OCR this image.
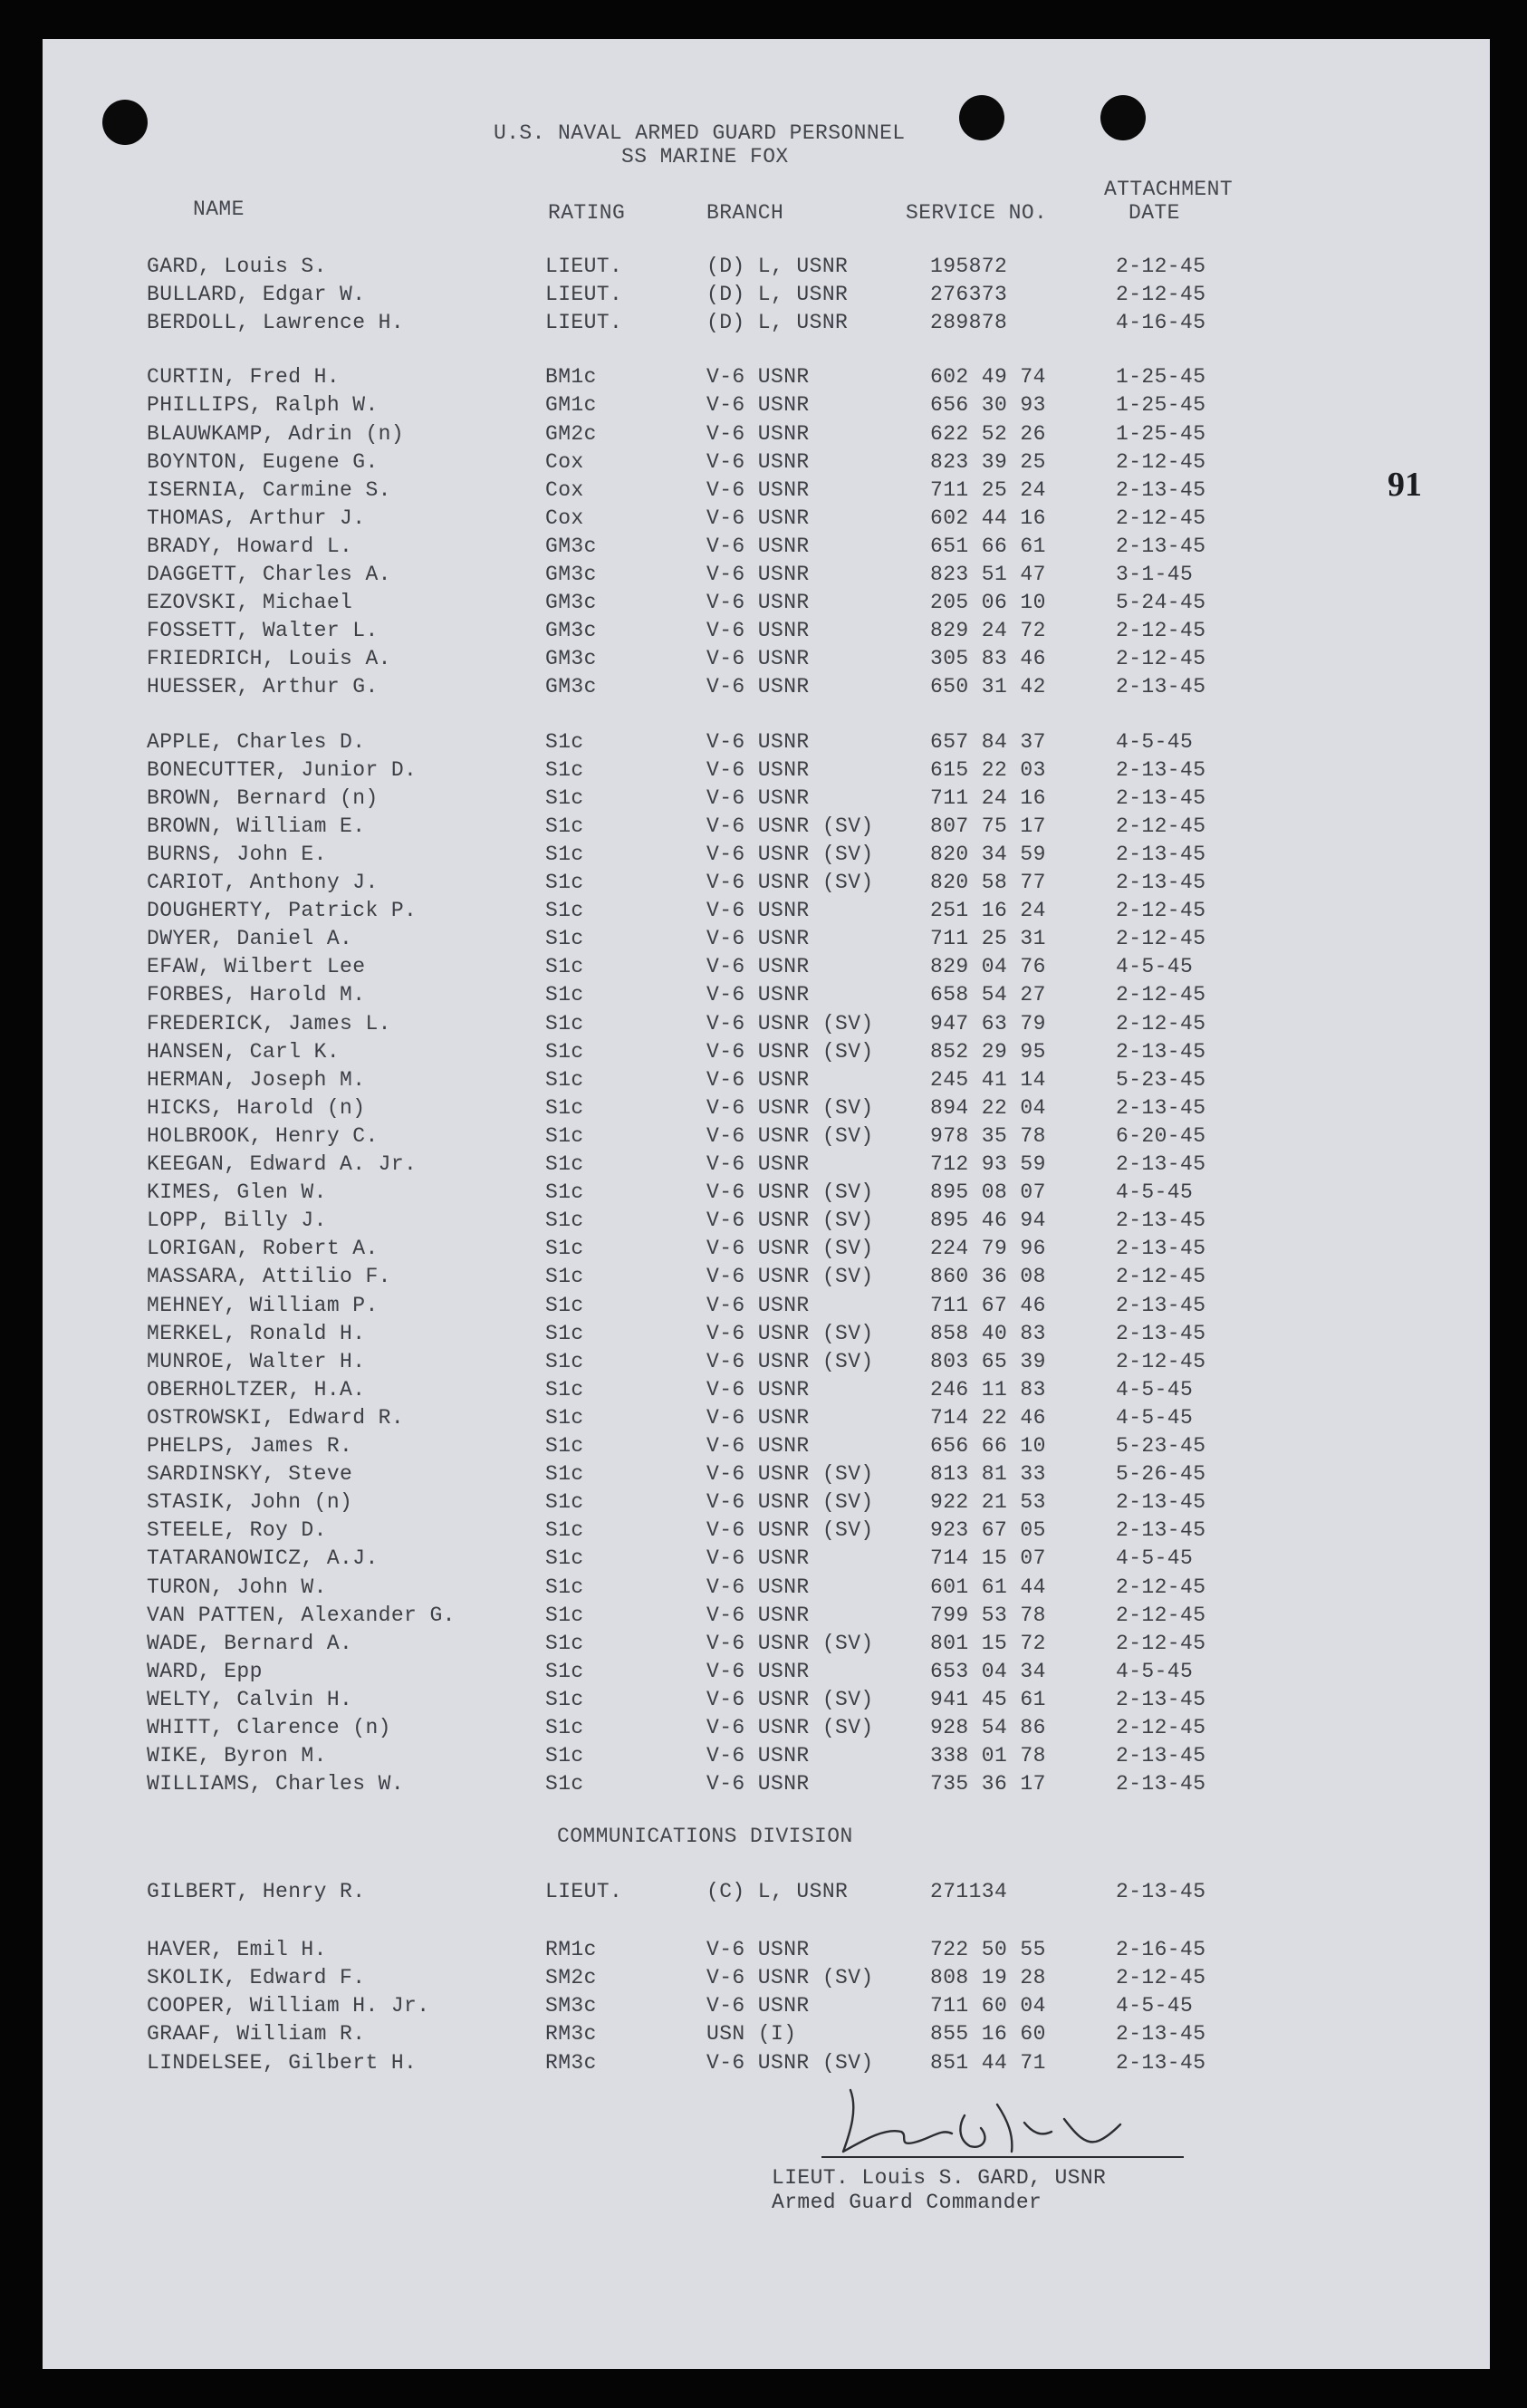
U.S. NAVAL ARMED GUARD PERSONNEL
SS MARINE FOX
NAME	RATING	BRANCH	SERVICE NO.
ATTACHMENT
DATE
91
GARD, Louis S.	LIEUT.	(D) L, USNR	195872	2-12-45
BULLARD, Edgar W.	LIEUT.	(D) L, USNR	276373	2-12-45
BERDOLL, Lawrence H.	LIEUT.	(D) L, USNR	289878	4-16-45
CURTIN, Fred H.	BM1c	V-6 USNR	602 49 74	1-25-45
PHILLIPS, Ralph W.	GM1c	V-6 USNR	656 30 93	1-25-45
BLAUWKAMP, Adrin (n)	GM2c	V-6 USNR	622 52 26	1-25-45
BOYNTON, Eugene G.	Cox	V-6 USNR	823 39 25	2-12-45
ISERNIA, Carmine S.	Cox	V-6 USNR	711 25 24	2-13-45
THOMAS, Arthur J.	Cox	V-6 USNR	602 44 16	2-12-45
BRADY, Howard L.	GM3c	V-6 USNR	651 66 61	2-13-45
DAGGETT, Charles A.	GM3c	V-6 USNR	823 51 47	3-1-45
EZOVSKI, Michael	GM3c	V-6 USNR	205 06 10	5-24-45
FOSSETT, Walter L.	GM3c	V-6 USNR	829 24 72	2-12-45
FRIEDRICH, Louis A.	GM3c	V-6 USNR	305 83 46	2-12-45
HUESSER, Arthur G.	GM3c	V-6 USNR	650 31 42	2-13-45
APPLE, Charles D.	S1c	V-6 USNR	657 84 37	4-5-45
BONECUTTER, Junior D.	S1c	V-6 USNR	615 22 03	2-13-45
BROWN, Bernard (n)	S1c	V-6 USNR	711 24 16	2-13-45
BROWN, William E.	S1c	V-6 USNR (SV)	807 75 17	2-12-45
BURNS, John E.	S1c	V-6 USNR (SV)	820 34 59	2-13-45
CARIOT, Anthony J.	S1c	V-6 USNR (SV)	820 58 77	2-13-45
DOUGHERTY, Patrick P.	S1c	V-6 USNR	251 16 24	2-12-45
DWYER, Daniel A.	S1c	V-6 USNR	711 25 31	2-12-45
EFAW, Wilbert Lee	S1c	V-6 USNR	829 04 76	4-5-45
FORBES, Harold M.	S1c	V-6 USNR	658 54 27	2-12-45
FREDERICK, James L.	S1c	V-6 USNR (SV)	947 63 79	2-12-45
HANSEN, Carl K.	S1c	V-6 USNR (SV)	852 29 95	2-13-45
HERMAN, Joseph M.	S1c	V-6 USNR	245 41 14	5-23-45
HICKS, Harold (n)	S1c	V-6 USNR (SV)	894 22 04	2-13-45
HOLBROOK, Henry C.	S1c	V-6 USNR (SV)	978 35 78	6-20-45
KEEGAN, Edward A. Jr.	S1c	V-6 USNR	712 93 59	2-13-45
KIMES, Glen W.	S1c	V-6 USNR (SV)	895 08 07	4-5-45
LOPP, Billy J.	S1c	V-6 USNR (SV)	895 46 94	2-13-45
LORIGAN, Robert A.	S1c	V-6 USNR (SV)	224 79 96	2-13-45
MASSARA, Attilio F.	S1c	V-6 USNR (SV)	860 36 08	2-12-45
MEHNEY, William P.	S1c	V-6 USNR	711 67 46	2-13-45
MERKEL, Ronald H.	S1c	V-6 USNR (SV)	858 40 83	2-13-45
MUNROE, Walter H.	S1c	V-6 USNR (SV)	803 65 39	2-12-45
OBERHOLTZER, H.A.	S1c	V-6 USNR	246 11 83	4-5-45
OSTROWSKI, Edward R.	S1c	V-6 USNR	714 22 46	4-5-45
PHELPS, James R.	S1c	V-6 USNR	656 66 10	5-23-45
SARDINSKY, Steve	S1c	V-6 USNR (SV)	813 81 33	5-26-45
STASIK, John (n)	S1c	V-6 USNR (SV)	922 21 53	2-13-45
STEELE, Roy D.	S1c	V-6 USNR (SV)	923 67 05	2-13-45
TATARANOWICZ, A.J.	S1c	V-6 USNR	714 15 07	4-5-45
TURON, John W.	S1c	V-6 USNR	601 61 44	2-12-45
VAN PATTEN, Alexander G.	S1c	V-6 USNR	799 53 78	2-12-45
WADE, Bernard A.	S1c	V-6 USNR (SV)	801 15 72	2-12-45
WARD, Epp	S1c	V-6 USNR	653 04 34	4-5-45
WELTY, Calvin H.	S1c	V-6 USNR (SV)	941 45 61	2-13-45
WHITT, Clarence (n)	S1c	V-6 USNR (SV)	928 54 86	2-12-45
WIKE, Byron M.	S1c	V-6 USNR	338 01 78	2-13-45
WILLIAMS, Charles W.	S1c	V-6 USNR	735 36 17	2-13-45
COMMUNICATIONS DIVISION
GILBERT, Henry R.	LIEUT.	(C) L, USNR	271134	2-13-45
HAVER, Emil H.	RM1c	V-6 USNR	722 50 55	2-16-45
SKOLIK, Edward F.	SM2c	V-6 USNR (SV)	808 19 28	2-12-45
COOPER, William H. Jr.	SM3c	V-6 USNR	711 60 04	4-5-45
GRAAF, William R.	RM3c	USN (I)	855 16 60	2-13-45
LINDELSEE, Gilbert H.	RM3c	V-6 USNR (SV)	851 44 71	2-13-45
LIEUT. Louis S. GARD, USNR
Armed Guard Commander
